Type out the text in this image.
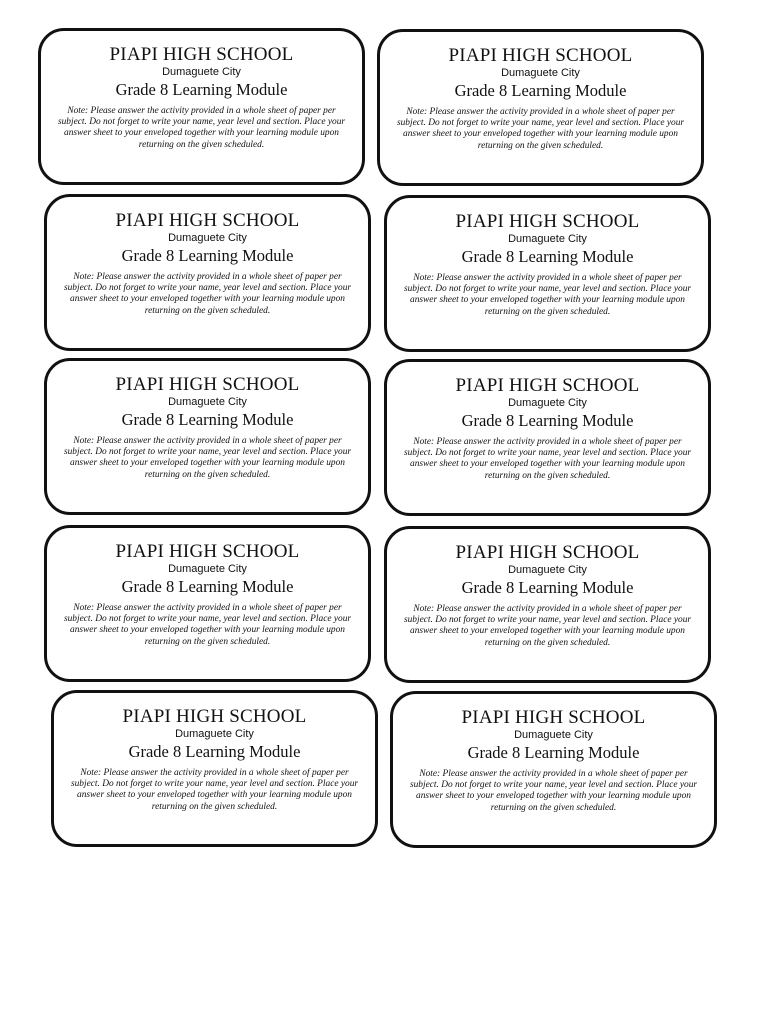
PIAPI HIGH SCHOOL
Dumaguete City
Grade 8 Learning Module
Note: Please answer the activity provided in a whole sheet of paper per subject. Do not forget to write your name, year level and section. Place your answer sheet to your enveloped together with your learning module upon returning on the given scheduled.
PIAPI HIGH SCHOOL
Dumaguete City
Grade 8 Learning Module
Note: Please answer the activity provided in a whole sheet of paper per subject. Do not forget to write your name, year level and section. Place your answer sheet to your enveloped together with your learning module upon returning on the given scheduled.
PIAPI HIGH SCHOOL
Dumaguete City
Grade 8 Learning Module
Note: Please answer the activity provided in a whole sheet of paper per subject. Do not forget to write your name, year level and section. Place your answer sheet to your enveloped together with your learning module upon returning on the given scheduled.
PIAPI HIGH SCHOOL
Dumaguete City
Grade 8 Learning Module
Note: Please answer the activity provided in a whole sheet of paper per subject. Do not forget to write your name, year level and section. Place your answer sheet to your enveloped together with your learning module upon returning on the given scheduled.
PIAPI HIGH SCHOOL
Dumaguete City
Grade 8 Learning Module
Note: Please answer the activity provided in a whole sheet of paper per subject. Do not forget to write your name, year level and section. Place your answer sheet to your enveloped together with your learning module upon returning on the given scheduled.
PIAPI HIGH SCHOOL
Dumaguete City
Grade 8 Learning Module
Note: Please answer the activity provided in a whole sheet of paper per subject. Do not forget to write your name, year level and section. Place your answer sheet to your enveloped together with your learning module upon returning on the given scheduled.
PIAPI HIGH SCHOOL
Dumaguete City
Grade 8 Learning Module
Note: Please answer the activity provided in a whole sheet of paper per subject. Do not forget to write your name, year level and section. Place your answer sheet to your enveloped together with your learning module upon returning on the given scheduled.
PIAPI HIGH SCHOOL
Dumaguete City
Grade 8 Learning Module
Note: Please answer the activity provided in a whole sheet of paper per subject. Do not forget to write your name, year level and section. Place your answer sheet to your enveloped together with your learning module upon returning on the given scheduled.
PIAPI HIGH SCHOOL
Dumaguete City
Grade 8 Learning Module
Note: Please answer the activity provided in a whole sheet of paper per subject. Do not forget to write your name, year level and section. Place your answer sheet to your enveloped together with your learning module upon returning on the given scheduled.
PIAPI HIGH SCHOOL
Dumaguete City
Grade 8 Learning Module
Note: Please answer the activity provided in a whole sheet of paper per subject. Do not forget to write your name, year level and section. Place your answer sheet to your enveloped together with your learning module upon returning on the given scheduled.
